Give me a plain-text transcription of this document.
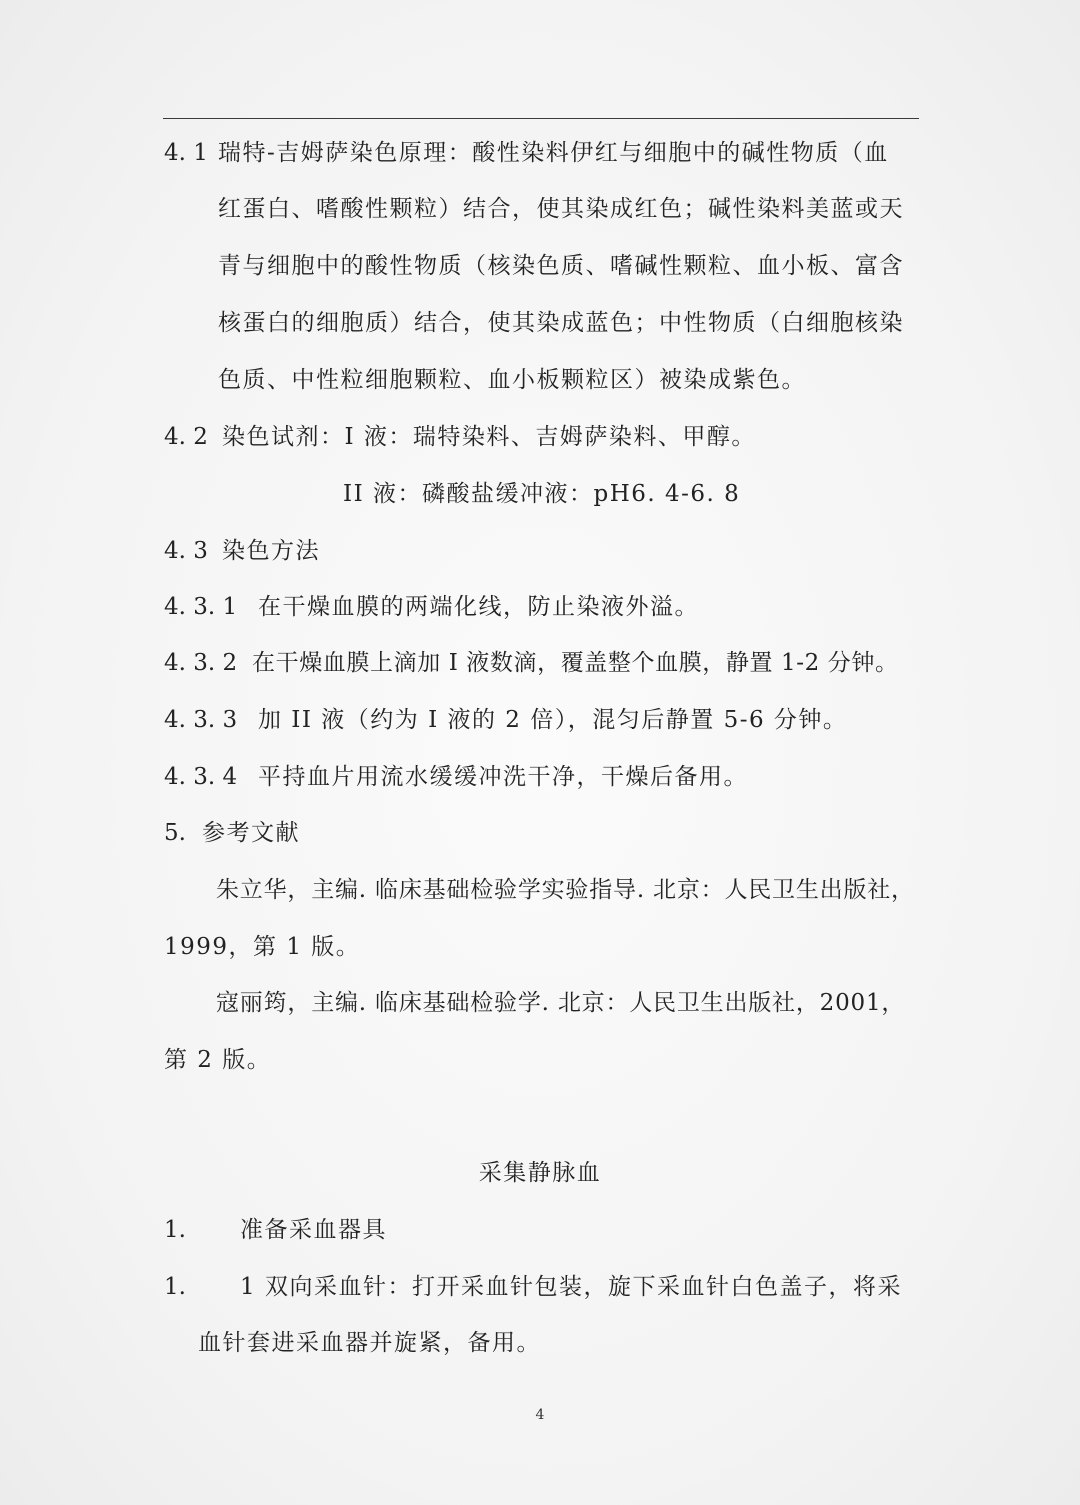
4. 1 瑞特-吉姆萨染色原理：酸性染料伊红与细胞中的碱性物质（血
红蛋白、嗜酸性颗粒）结合，使其染成红色；碱性染料美蓝或天
青与细胞中的酸性物质（核染色质、嗜碱性颗粒、血小板、富含
核蛋白的细胞质）结合，使其染成蓝色；中性物质（白细胞核染
色质、中性粒细胞颗粒、血小板颗粒区）被染成紫色。
4. 2 染色试剂：I 液：瑞特染料、吉姆萨染料、甲醇。
II 液：磷酸盐缓冲液：pH6. 4-6. 8
4. 3 染色方法
4. 3. 1 在干燥血膜的两端化线，防止染液外溢。
4. 3. 2 在干燥血膜上滴加 I 液数滴，覆盖整个血膜，静置 1-2 分钟。
4. 3. 3 加 II 液（约为 I 液的 2 倍），混匀后静置 5-6 分钟。
4. 3. 4 平持血片用流水缓缓冲洗干净，干燥后备用。
5. 参考文献
朱立华，主编. 临床基础检验学实验指导. 北京：人民卫生出版社，
1999，第 1 版。
寇丽筠，主编. 临床基础检验学. 北京：人民卫生出版社，2001，
第 2 版。
采集静脉血
1. 准备采血器具
1. 1 双向采血针：打开采血针包装，旋下采血针白色盖子，将采
血针套进采血器并旋紧，备用。
4
